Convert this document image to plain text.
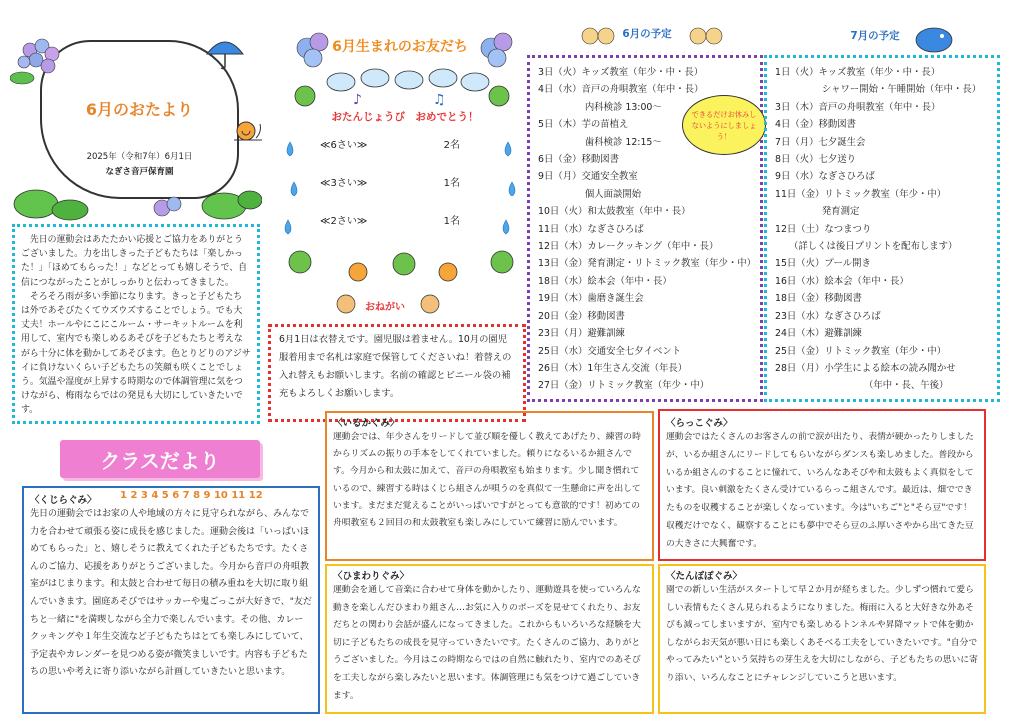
6月のおたより
2025年（令和7年）6月1日
なぎさ音戸保育園

先日の運動会はあたたかい応援とご協力をありがとうございました。力を出しきった子どもたちは「楽しかった！」「ほめてもらった！」などとっても嬉しそうで、自信につながったことがしっかりと伝わってきました。
　そろそろ雨が多い季節になります。きっと子どもたちは外であそびたくてウズウズすることでしょう。でも大丈夫！ホールやにこにこルーム・サーキットルームを利用して、室内でも楽しめるあそびを子どもたちと考えながら十分に体を動かしてあそびます。色とりどりのアジサイに負けないくらい子どもたちの笑顔も咲くことでしょう。気温や湿度が上昇する時期なので体調管理に気をつけながら、梅雨ならではの発見も大切にしていきたいです。

♪	♫
6月生まれのお友だち
おたんじょうび　おめでとう！
≪6さい≫	2名
≪3さい≫	1名
≪2さい≫	1名
おねがい

6月1日は衣替えです。園児服は着ません。10月の園児服着用まで名札は家庭で保管してくださいね！着替えの入れ替えもお願いします。名前の確認とビニール袋の補充もよろしくお願いします。

6月の予定
3日（火）キッズ教室（年少・中・長）
4日（水）音戸の舟唄教室（年中・長）
　　　　　内科検診 13:00～
5日（木）芋の苗植え
　　　　　歯科検診 12:15～
6日（金）移動図書
9日（月）交通安全教室
　　　　　個人面談開始
10日（火）和太鼓教室（年中・長）
11日（水）なぎさひろば
12日（木）カレークッキング（年中・長）
13日（金）発育測定・リトミック教室（年少・中）
18日（水）絵本会（年中・長）
19日（木）歯磨き誕生会
20日（金）移動図書
23日（月）避難訓練
25日（水）交通安全七夕イベント
26日（木）1年生さん交流（年長）
27日（金）リトミック教室（年少・中）
できるだけお休みしないようにしましょう！
7月の予定
1日（火）キッズ教室（年少・中・長）
　　　　　シャワー開始・午睡開始（年中・長）
3日（木）音戸の舟唄教室（年中・長）
4日（金）移動図書
7日（月）七夕誕生会
8日（火）七夕送り
9日（水）なぎさひろば
11日（金）リトミック教室（年少・中）
　　　　　発育測定
12日（土）なつまつり
　　（詳しくは後日プリントを配布します）
15日（火）プール開き
16日（水）絵本会（年中・長）
18日（金）移動図書
23日（水）なぎさひろば
24日（木）避難訓練
25日（金）リトミック教室（年少・中）
28日（月）小学生による絵本の読み聞かせ
　　　　　　　　　　（年中・長、午後）
クラスだより
〈くじらぐみ〉

先日の運動会ではお家の人や地域の方々に見守られながら、みんなで力を合わせて頑張る姿に成長を感じました。運動会後は「いっぱいほめてもらった」と、嬉しそうに教えてくれた子どもたちです。たくさんのご協力、応援をありがとうございました。今月から音戸の舟唄教室がはじまります。和太鼓と合わせて毎日の積み重ねを大切に取り組んでいきます。園庭あそびではサッカーや鬼ごっこが大好きで、"友だちと一緒に"を満喫しながら全力で楽しんでいます。その他、カレークッキングや１年生交流など子どもたちはとても楽しみにしていて、予定表やカレンダーを見つめる姿が微笑ましいです。内容も子どもたちの思いや考えに寄り添いながら計画していきたいと思います。

1 2 3 4 5 6 7 8 9 10 11 12
〈いるかぐみ〉

運動会では、年少さんをリードして並び順を優しく教えてあげたり、練習の時からリズムの振りの手本をしてくれていました。頼りになるいるか組さんです。今月から和太鼓に加えて、音戸の舟唄教室も始まります。少し聞き慣れているので、練習する時はくじら組さんが唄うのを真似て一生懸命に声を出しています。まだまだ覚えることがいっぱいですがとっても意欲的です！初めての舟唄教室も２回目の和太鼓教室も楽しみにしていて練習に励んでいます。

〈らっこぐみ〉

運動会ではたくさんのお客さんの前で涙が出たり、表情が硬かったりしましたが、いるか組さんにリードしてもらいながらダンスも楽しめました。普段からいるか組さんのすることに憧れて、いろんなあそびや和太鼓もよく真似をしています。良い刺激をたくさん受けているらっこ組さんです。最近は、畑でできたものを収穫することが楽しくなっています。今は"いちご"と"そら豆"です！収穫だけでなく、観察することにも夢中でそら豆のふ厚いさやから出てきた豆の大きさに大興奮です。

〈ひまわりぐみ〉

運動会を通して音楽に合わせて身体を動かしたり、運動遊具を使っていろんな動きを楽しんだひまわり組さん…お気に入りのポーズを見せてくれたり、お友だちとの関わり会話が盛んになってきました。これからもいろいろな経験を大切に子どもたちの成長を見守っていきたいです。たくさんのご協力、ありがとうございました。今月はこの時期ならではの自然に触れたり、室内でのあそびを工夫しながら楽しみたいと思います。体調管理にも気をつけて過ごしていきます。

〈たんぽぽぐみ〉

園での新しい生活がスタートして早２か月が経ちました。少しずつ慣れて愛らしい表情もたくさん見られるようになりました。梅雨に入ると大好きな外あそびも減ってしまいますが、室内でも楽しめるトンネルや昇降マットで体を動かしながらお天気が悪い日にも楽しくあそべる工夫をしていきたいです。"自分でやってみたい"という気持ちの芽生えを大切にしながら、子どもたちの思いに寄り添い、いろんなことにチャレンジしていこうと思います。
